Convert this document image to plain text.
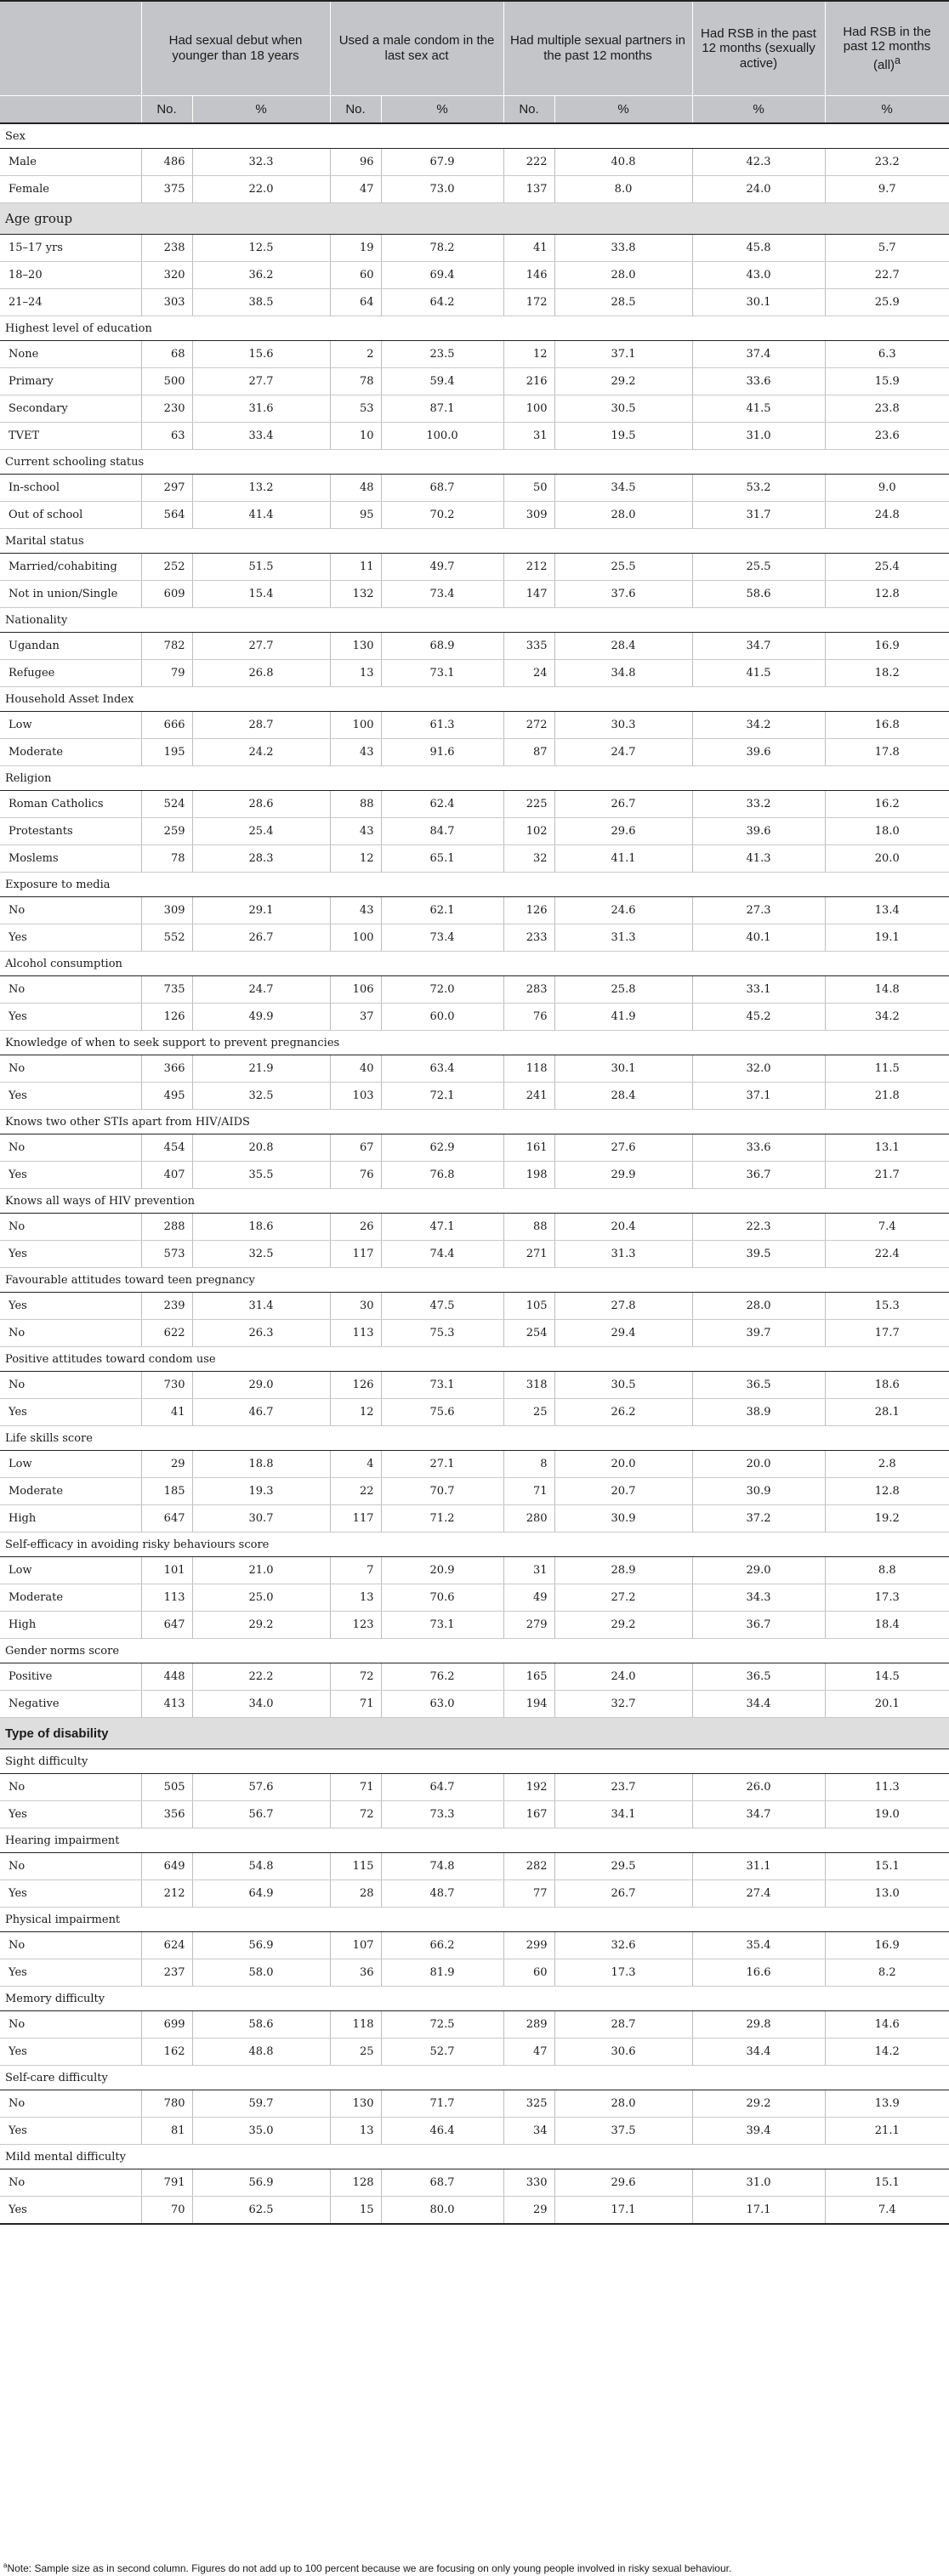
	Had sexual debut when younger than 18 years		Used a male condom in the last sex act		Had multiple sexual partners in the past 12 months		Had RSB in the past 12 months (sexually active)	Had RSB in the past 12 months (all)$^a$
	No.	%	No.	%	No.	%	%	%
Sex								
Male	486	32.3	96	67.9	222	40.8	42.3	23.2
Female	375	22.0	47	73.0	137	8.0	24.0	9.7
Age group								
15–17 yrs	238	12.5	19	78.2	41	33.8	45.8	5.7
18–20	320	36.2	60	69.4	146	28.0	43.0	22.7
21–24	303	38.5	64	64.2	172	28.5	30.1	25.9
Highest level of education								
None	68	15.6	2	23.5	12	37.1	37.4	6.3
Primary	500	27.7	78	59.4	216	29.2	33.6	15.9
Secondary	230	31.6	53	87.1	100	30.5	41.5	23.8
TVET	63	33.4	10	100.0	31	19.5	31.0	23.6
Current schooling status								
In-school	297	13.2	48	68.7	50	34.5	53.2	9.0
Out of school	564	41.4	95	70.2	309	28.0	31.7	24.8
Marital status								
Married/cohabiting	252	51.5	11	49.7	212	25.5	25.5	25.4
Not in union/Single	609	15.4	132	73.4	147	37.6	58.6	12.8
Nationality								
Ugandan	782	27.7	130	68.9	335	28.4	34.7	16.9
Refugee	79	26.8	13	73.1	24	34.8	41.5	18.2
Household Asset Index								
Low	666	28.7	100	61.3	272	30.3	34.2	16.8
Moderate	195	24.2	43	91.6	87	24.7	39.6	17.8
Religion								
Roman Catholics	524	28.6	88	62.4	225	26.7	33.2	16.2
Protestants	259	25.4	43	84.7	102	29.6	39.6	18.0
Moslems	78	28.3	12	65.1	32	41.1	41.3	20.0
Exposure to media								
No	309	29.1	43	62.1	126	24.6	27.3	13.4
Yes	552	26.7	100	73.4	233	31.3	40.1	19.1
Alcohol consumption								
No	735	24.7	106	72.0	283	25.8	33.1	14.8
Yes	126	49.9	37	60.0	76	41.9	45.2	34.2
Knowledge of when to seek support to prevent pregnancies								
No	366	21.9	40	63.4	118	30.1	32.0	11.5
Yes	495	32.5	103	72.1	241	28.4	37.1	21.8
Knows two other STIs apart from HIV/AIDS								
No	454	20.8	67	62.9	161	27.6	33.6	13.1
Yes	407	35.5	76	76.8	198	29.9	36.7	21.7
Knows all ways of HIV prevention								
No	288	18.6	26	47.1	88	20.4	22.3	7.4
Yes	573	32.5	117	74.4	271	31.3	39.5	22.4
Favourable attitudes toward teen pregnancy								
Yes	239	31.4	30	47.5	105	27.8	28.0	15.3
No	622	26.3	113	75.3	254	29.4	39.7	17.7
Positive attitudes toward condom use								
No	730	29.0	126	73.1	318	30.5	36.5	18.6
Yes	41	46.7	12	75.6	25	26.2	38.9	28.1
Life skills score								
Low	29	18.8	4	27.1	8	20.0	20.0	2.8
Moderate	185	19.3	22	70.7	71	20.7	30.9	12.8
High	647	30.7	117	71.2	280	30.9	37.2	19.2
Self-efficacy in avoiding risky behaviours score								
Low	101	21.0	7	20.9	31	28.9	29.0	8.8
Moderate	113	25.0	13	70.6	49	27.2	34.3	17.3
High	647	29.2	123	73.1	279	29.2	36.7	18.4
Gender norms score								
Positive	448	22.2	72	76.2	165	24.0	36.5	14.5
Negative	413	34.0	71	63.0	194	32.7	34.4	20.1
Type of disability								
Sight difficulty								
No	505	57.6	71	64.7	192	23.7	26.0	11.3
Yes	356	56.7	72	73.3	167	34.1	34.7	19.0
Hearing impairment								
No	649	54.8	115	74.8	282	29.5	31.1	15.1
Yes	212	64.9	28	48.7	77	26.7	27.4	13.0
Physical impairment								
No	624	56.9	107	66.2	299	32.6	35.4	16.9
Yes	237	58.0	36	81.9	60	17.3	16.6	8.2
Memory difficulty								
No	699	58.6	118	72.5	289	28.7	29.8	14.6
Yes	162	48.8	25	52.7	47	30.6	34.4	14.2
Self-care difficulty								
No	780	59.7	130	71.7	325	28.0	29.2	13.9
Yes	81	35.0	13	46.4	34	37.5	39.4	21.1
Mild mental difficulty								
No	791	56.9	128	68.7	330	29.6	31.0	15.1
Yes	70	62.5	15	80.0	29	17.1	17.1	7.4
$^a$Note: Sample size as in second column. Figures do not add up to 100 percent because we are focusing on only young people involved in risky sexual behaviour.
